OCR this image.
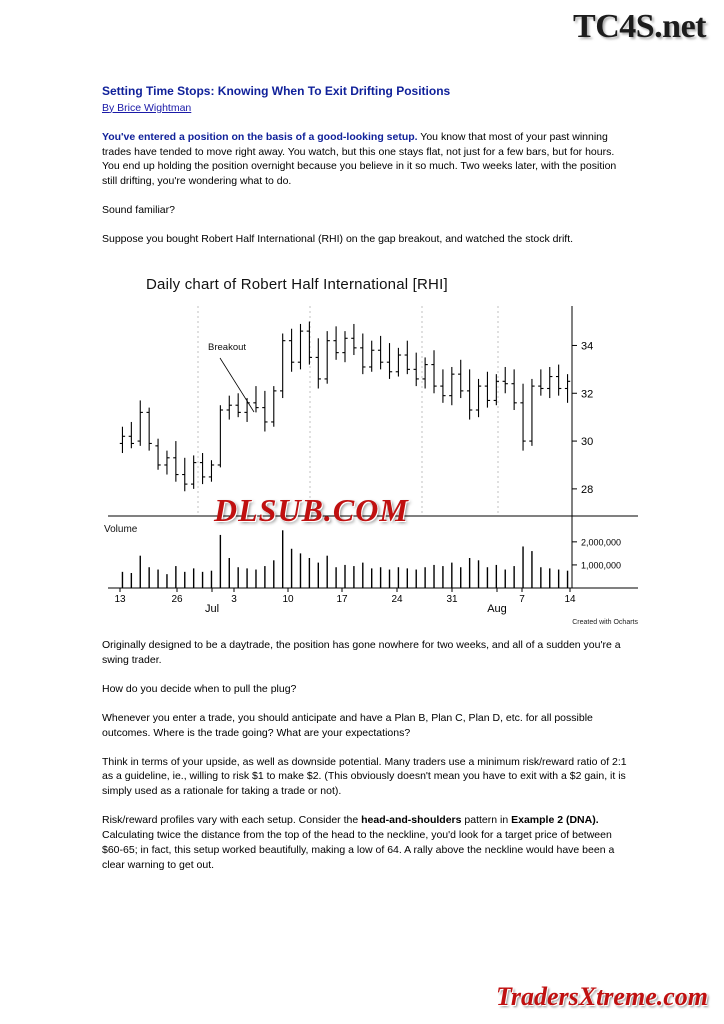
TC4S.net
Setting Time Stops: Knowing When To Exit Drifting Positions
By Brice Wightman

You've entered a position on the basis of a good-looking setup. You know that most of your past winning trades have tended to move right away. You watch, but this one stays flat, not just for a few bars, but for hours. You end up holding the position overnight because you believe in it so much. Two weeks later, with the position still drifting, you're wondering what to do.

Sound familiar?

Suppose you bought Robert Half International (RHI) on the gap breakout, and watched the stock drift.

Daily chart of Robert Half International [RHI]
Breakout
Volume
34
32
30
28
2,000,000
1,000,000
13	26
Jul
3	10	17	24	31
Aug
7	14
DLSUB.COM
Created with Ocharts

Originally designed to be a daytrade, the position has gone nowhere for two weeks, and all of a sudden you're a swing trader.

How do you decide when to pull the plug?

Whenever you enter a trade, you should anticipate and have a Plan B, Plan C, Plan D, etc. for all possible outcomes. Where is the trade going? What are your expectations?

Think in terms of your upside, as well as downside potential. Many traders use a minimum risk/reward ratio of 2:1 as a guideline, ie., willing to risk $1 to make $2. (This obviously doesn't mean you have to exit with a $2 gain, it is simply used as a rationale for taking a trade or not).

Risk/reward profiles vary with each setup. Consider the head-and-shoulders pattern in Example 2 (DNA). Calculating twice the distance from the top of the head to the neckline, you'd look for a target price of between $60-65; in fact, this setup worked beautifully, making a low of 64. A rally above the neckline would have been a clear warning to get out.

TradersXtreme.com
